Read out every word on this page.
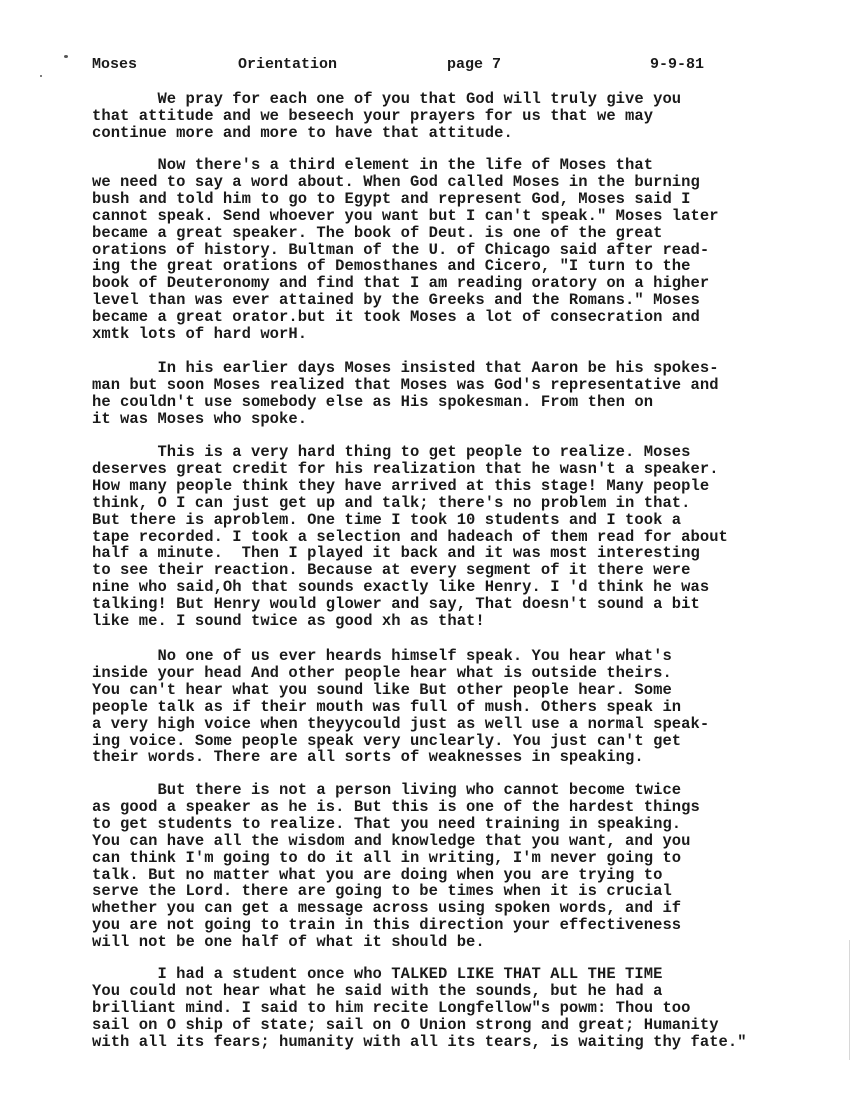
Moses	Orientation	page 7	9-9-81
We pray for each one of you that God will truly give you
that attitude and we beseech your prayers for us that we may
continue more and more to have that attitude.
Now there's a third element in the life of Moses that
we need to say a word about. When God called Moses in the burning
bush and told him to go to Egypt and represent God, Moses said I
cannot speak. Send whoever you want but I can't speak." Moses later
became a great speaker. The book of Deut. is one of the great
orations of history. Bultman of the U. of Chicago said after read-
ing the great orations of Demosthanes and Cicero, "I turn to the
book of Deuteronomy and find that I am reading oratory on a higher
level than was ever attained by the Greeks and the Romans." Moses
became a great orator.but it took Moses a lot of consecration and
xmtk lots of hard worH.
In his earlier days Moses insisted that Aaron be his spokes-
man but soon Moses realized that Moses was God's representative and
he couldn't use somebody else as His spokesman. From then on
it was Moses who spoke.
This is a very hard thing to get people to realize. Moses
deserves great credit for his realization that he wasn't a speaker.
How many people think they have arrived at this stage! Many people
think, O I can just get up and talk; there's no problem in that.
But there is aproblem. One time I took 10 students and I took a
tape recorded. I took a selection and hadeach of them read for about
half a minute.  Then I played it back and it was most interesting
to see their reaction. Because at every segment of it there were
nine who said,Oh that sounds exactly like Henry. I 'd think he was
talking! But Henry would glower and say, That doesn't sound a bit
like me. I sound twice as good xh as that!
No one of us ever heards himself speak. You hear what's
inside your head And other people hear what is outside theirs.
You can't hear what you sound like But other people hear. Some
people talk as if their mouth was full of mush. Others speak in
a very high voice when theyycould just as well use a normal speak-
ing voice. Some people speak very unclearly. You just can't get
their words. There are all sorts of weaknesses in speaking.
But there is not a person living who cannot become twice
as good a speaker as he is. But this is one of the hardest things
to get students to realize. That you need training in speaking.
You can have all the wisdom and knowledge that you want, and you
can think I'm going to do it all in writing, I'm never going to
talk. But no matter what you are doing when you are trying to
serve the Lord. there are going to be times when it is crucial
whether you can get a message across using spoken words, and if
you are not going to train in this direction your effectiveness
will not be one half of what it should be.
I had a student once who TALKED LIKE THAT ALL THE TIME
You could not hear what he said with the sounds, but he had a
brilliant mind. I said to him recite Longfellow"s powm: Thou too
sail on O ship of state; sail on O Union strong and great; Humanity
with all its fears; humanity with all its tears, is waiting thy fate."
